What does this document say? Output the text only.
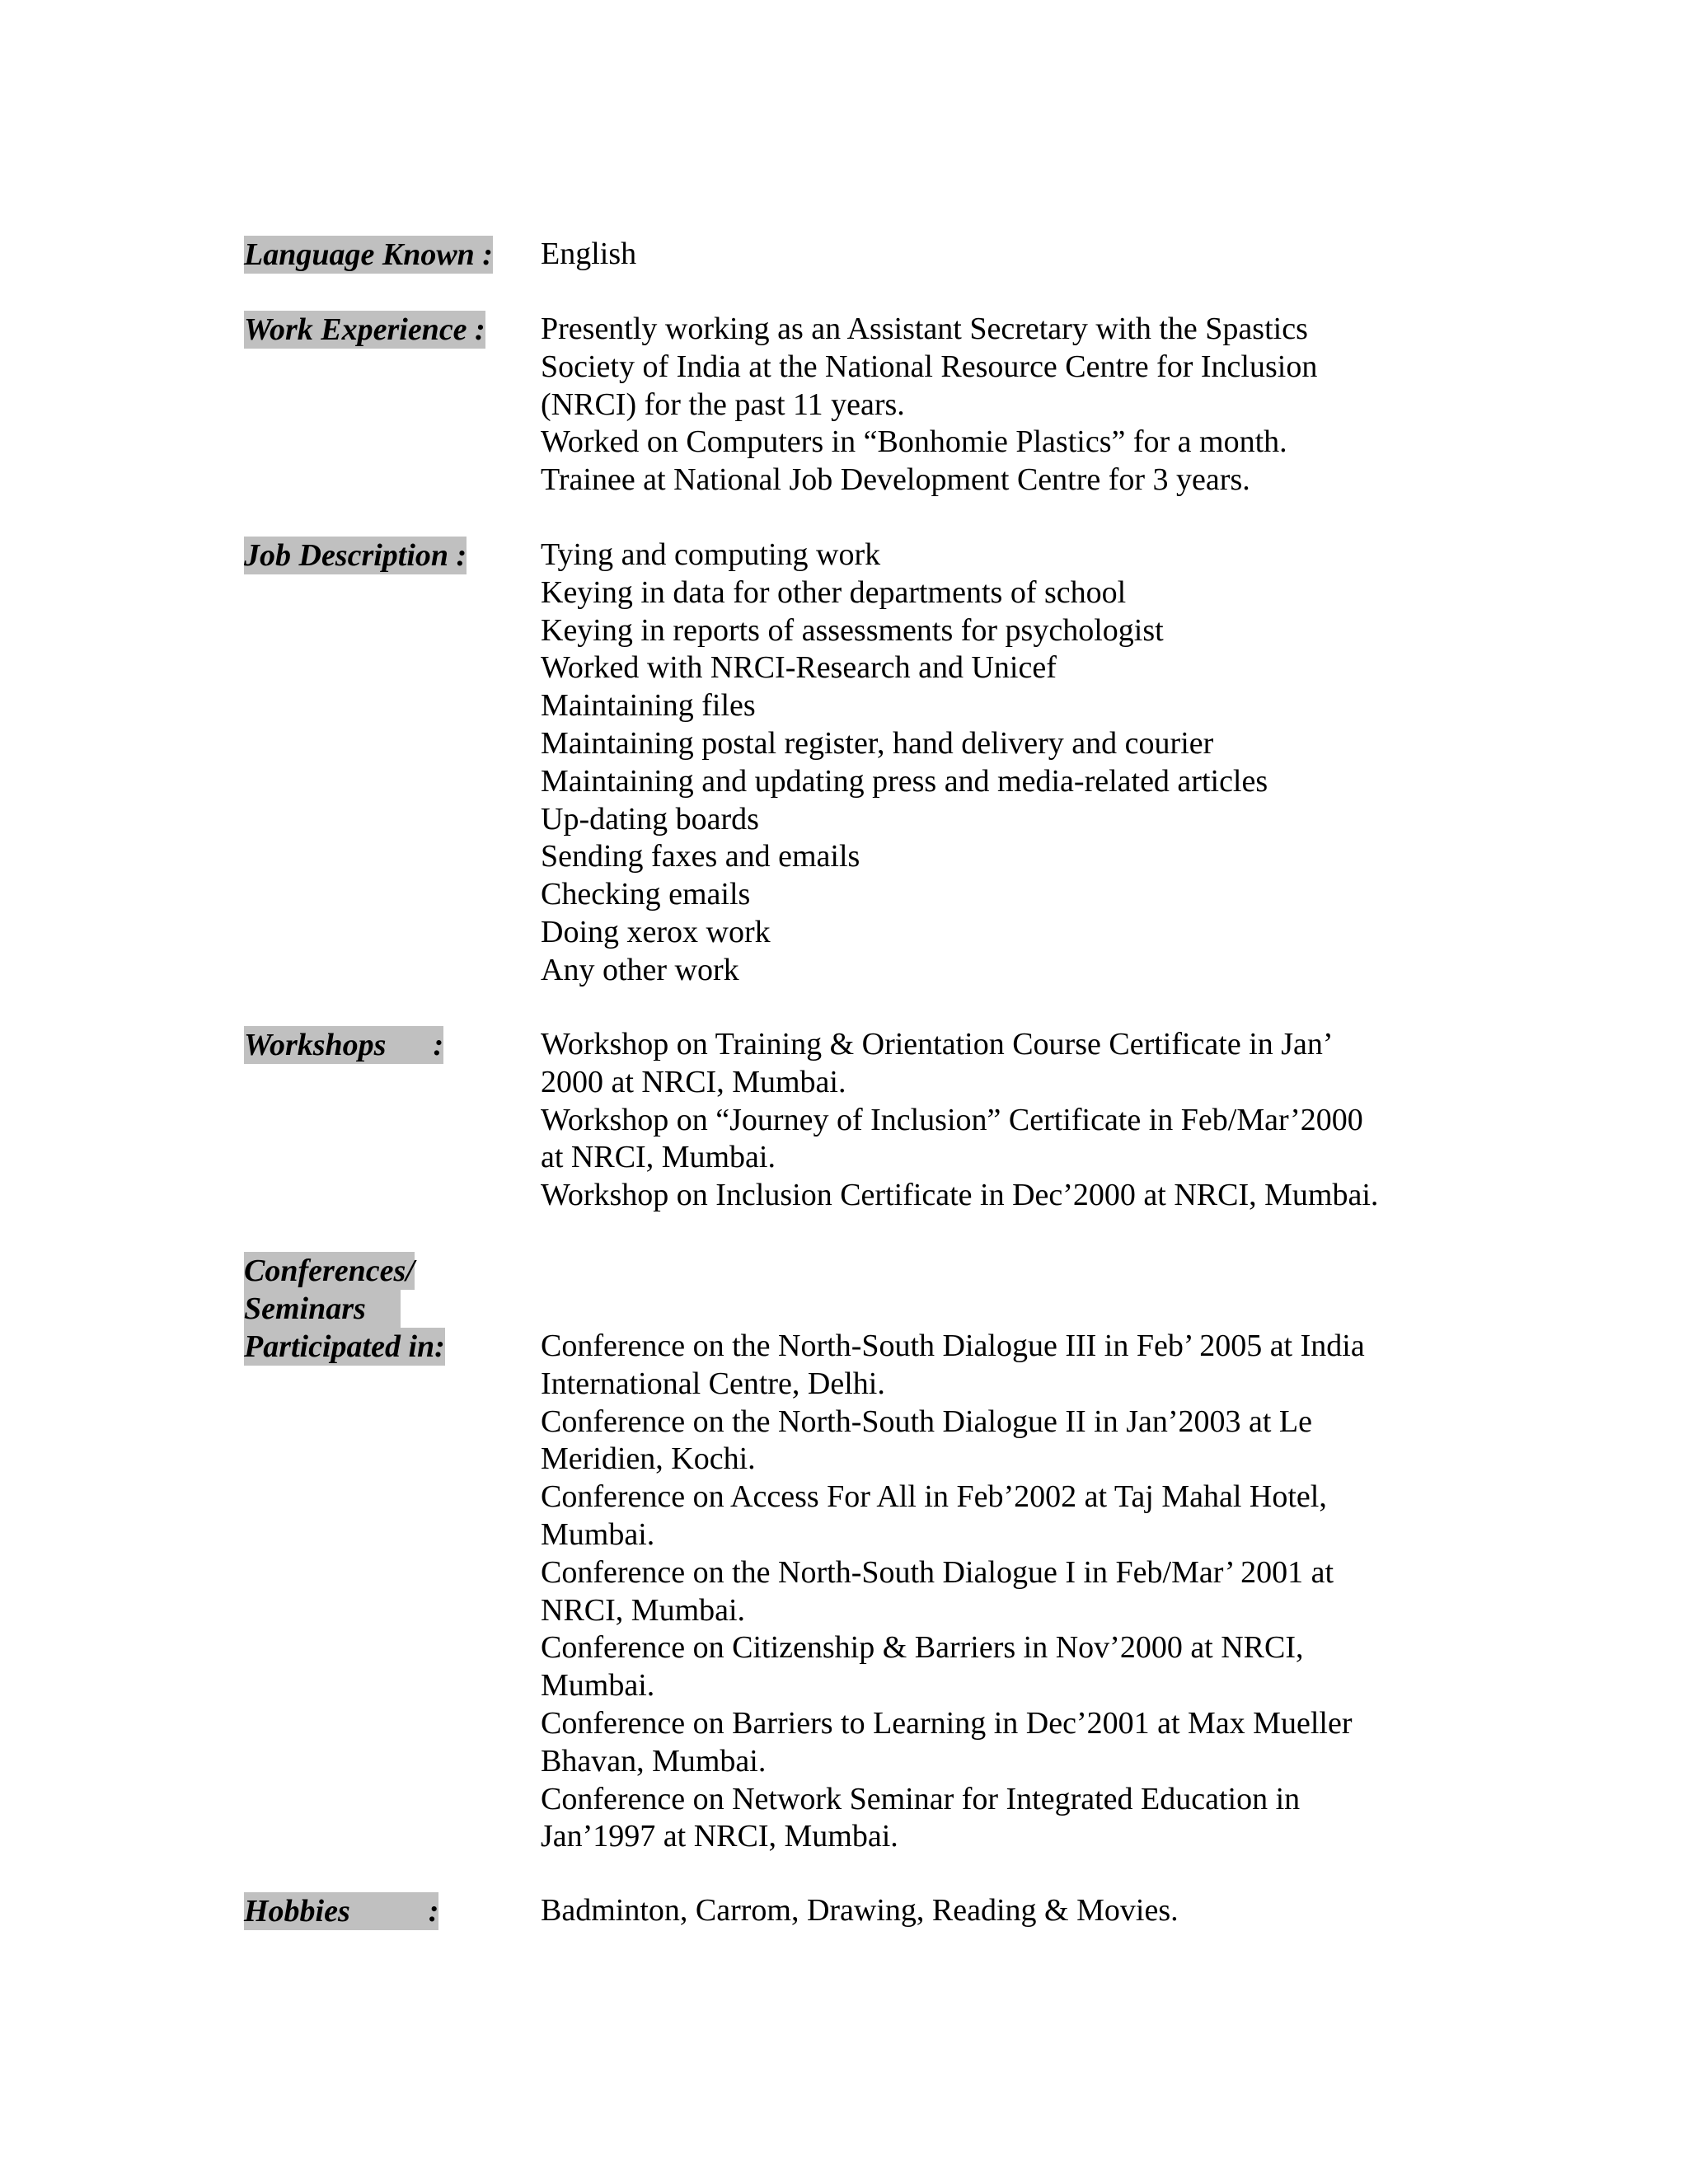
Language Known : English
Work Experience : Presently working as an Assistant Secretary with the Spastics
Society of India at the National Resource Centre for Inclusion
(NRCI) for the past 11 years.
Worked on Computers in “Bonhomie Plastics” for a month.
Trainee at National Job Development Centre for 3 years.
Job Description : Tying and computing work
Keying in data for other departments of school
Keying in reports of assessments for psychologist
Worked with NRCI-Research and Unicef
Maintaining files
Maintaining postal register, hand delivery and courier
Maintaining and updating press and media-related articles
Up-dating boards
Sending faxes and emails
Checking emails
Doing xerox work
Any other work
Workshops      :	Workshop on Training & Orientation Course Certificate in Jan’
2000 at NRCI, Mumbai.
Workshop on “Journey of Inclusion” Certificate in Feb/Mar’2000
at NRCI, Mumbai.
Workshop on Inclusion Certificate in Dec’2000 at NRCI, Mumbai.
Conferences/
Seminars
Participated in:	Conference on the North-South Dialogue III in Feb’ 2005 at India
International Centre, Delhi.
Conference on the North-South Dialogue II in Jan’2003 at Le
Meridien, Kochi.
Conference on Access For All in Feb’2002 at Taj Mahal Hotel,
Mumbai.
Conference on the North-South Dialogue I in Feb/Mar’ 2001 at
NRCI, Mumbai.
Conference on Citizenship & Barriers in Nov’2000 at NRCI,
Mumbai.
Conference on Barriers to Learning in Dec’2001 at Max Mueller
Bhavan, Mumbai.
Conference on Network Seminar for Integrated Education in
Jan’1997 at NRCI, Mumbai.
Hobbies          :	Badminton, Carrom, Drawing, Reading & Movies.
